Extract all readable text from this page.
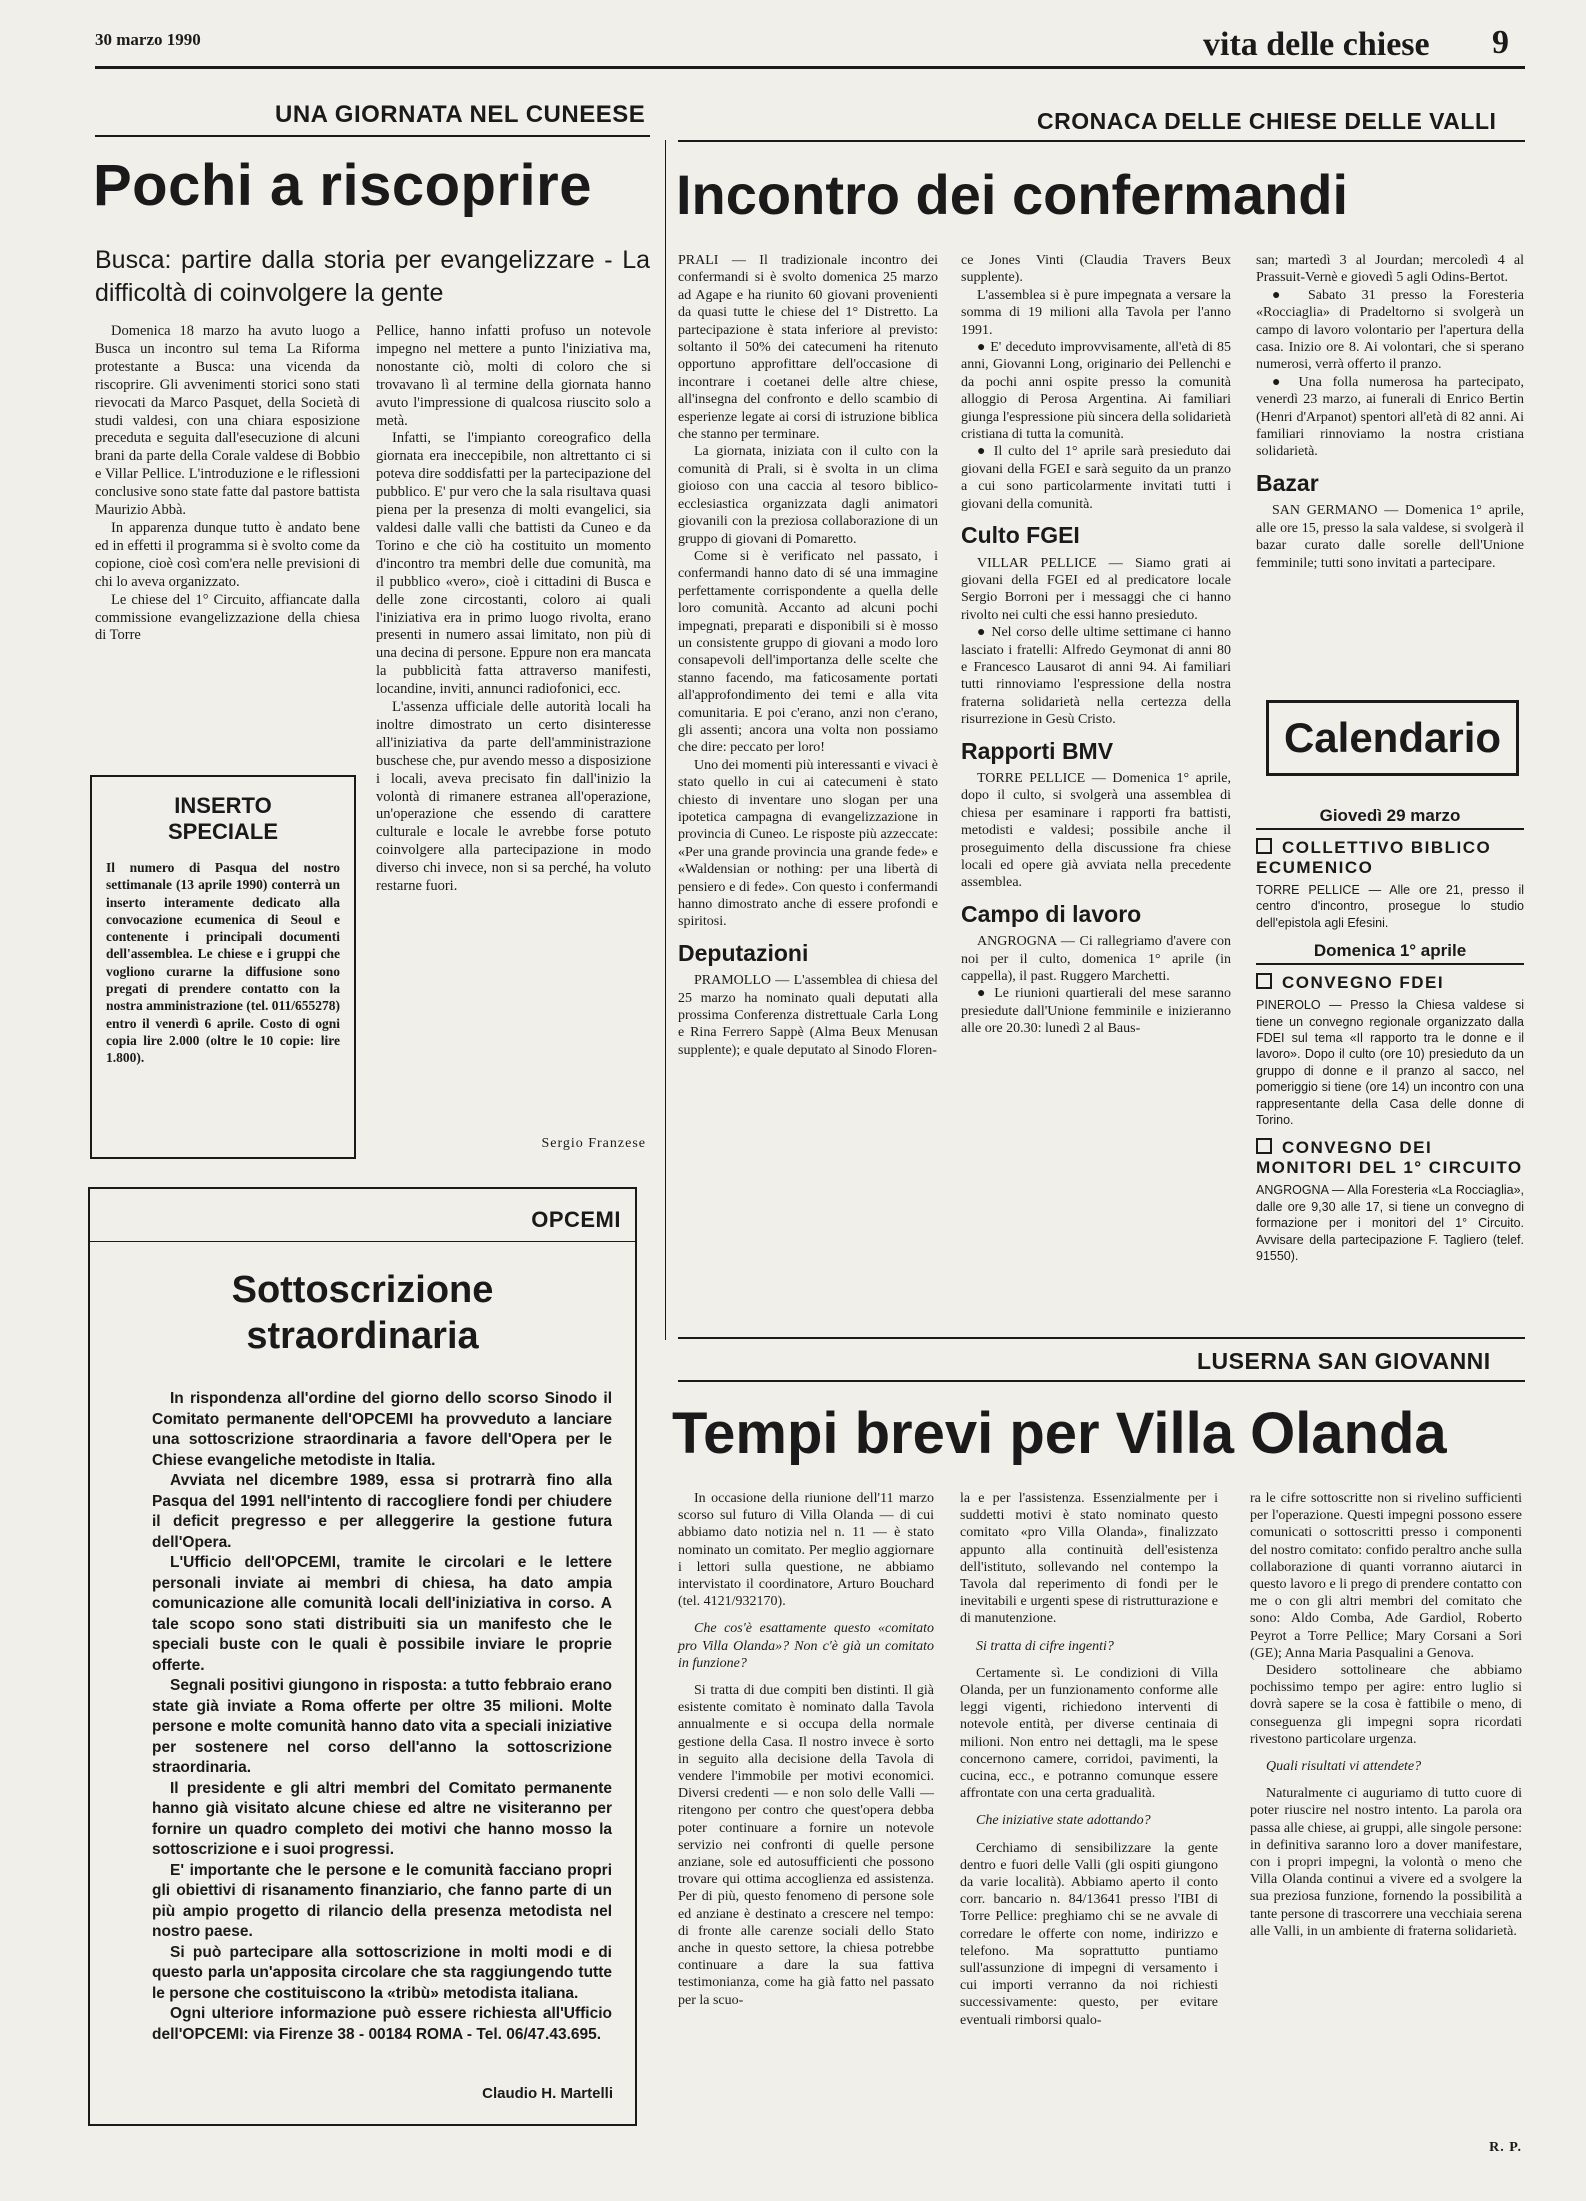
30 marzo 1990	vita delle chiese 9
UNA GIORNATA NEL CUNEESE
Pochi a riscoprire
Busca: partire dalla storia per evangelizzare - La difficoltà di coinvolgere la gente

Domenica 18 marzo ha avuto luogo a Busca un incontro sul tema La Riforma protestante a Busca: una vicenda da riscoprire. Gli avvenimenti storici sono stati rievocati da Marco Pasquet, della Società di studi valdesi, con una chiara esposizione preceduta e seguita dall'esecuzione di alcuni brani da parte della Corale valdese di Bobbio e Villar Pellice. L'introduzione e le riflessioni conclusive sono state fatte dal pastore battista Maurizio Abbà.

In apparenza dunque tutto è andato bene ed in effetti il programma si è svolto come da copione, cioè così com'era nelle previsioni di chi lo aveva organizzato.

Le chiese del 1° Circuito, affiancate dalla commissione evangelizzazione della chiesa di Torre

Pellice, hanno infatti profuso un notevole impegno nel mettere a punto l'iniziativa ma, nonostante ciò, molti di coloro che si trovavano lì al termine della giornata hanno avuto l'impressione di qualcosa riuscito solo a metà.

Infatti, se l'impianto coreografico della giornata era ineccepibile, non altrettanto ci si poteva dire soddisfatti per la partecipazione del pubblico. E' pur vero che la sala risultava quasi piena per la presenza di molti evangelici, sia valdesi dalle valli che battisti da Cuneo e da Torino e che ciò ha costituito un momento d'incontro tra membri delle due comunità, ma il pubblico «vero», cioè i cittadini di Busca e delle zone circostanti, coloro ai quali l'iniziativa era in primo luogo rivolta, erano presenti in numero assai limitato, non più di una decina di persone. Eppure non era mancata la pubblicità fatta attraverso manifesti, locandine, inviti, annunci radiofonici, ecc.

L'assenza ufficiale delle autorità locali ha inoltre dimostrato un certo disinteresse all'iniziativa da parte dell'amministrazione buschese che, pur avendo messo a disposizione i locali, aveva precisato fin dall'inizio la volontà di rimanere estranea all'operazione, un'operazione che essendo di carattere culturale e locale le avrebbe forse potuto coinvolgere alla partecipazione in modo diverso chi invece, non si sa perché, ha voluto restarne fuori.

Sergio Franzese
INSERTO
SPECIALE
Il numero di Pasqua del nostro settimanale (13 aprile 1990) conterrà un inserto interamente dedicato alla convocazione ecumenica di Seoul e contenente i principali documenti dell'assemblea. Le chiese e i gruppi che vogliono curarne la diffusione sono pregati di prendere contatto con la nostra amministrazione (tel. 011/655278) entro il venerdì 6 aprile. Costo di ogni copia lire 2.000 (oltre le 10 copie: lire 1.800).
OPCEMI
Sottoscrizione
straordinaria

In rispondenza all'ordine del giorno dello scorso Sinodo il Comitato permanente dell'OPCEMI ha provveduto a lanciare una sottoscrizione straordinaria a favore dell'Opera per le Chiese evangeliche metodiste in Italia.

Avviata nel dicembre 1989, essa si protrarrà fino alla Pasqua del 1991 nell'intento di raccogliere fondi per chiudere il deficit pregresso e per alleggerire la gestione futura dell'Opera.

L'Ufficio dell'OPCEMI, tramite le circolari e le lettere personali inviate ai membri di chiesa, ha dato ampia comunicazione alle comunità locali dell'iniziativa in corso. A tale scopo sono stati distribuiti sia un manifesto che le speciali buste con le quali è possibile inviare le proprie offerte.

Segnali positivi giungono in risposta: a tutto febbraio erano state già inviate a Roma offerte per oltre 35 milioni. Molte persone e molte comunità hanno dato vita a speciali iniziative per sostenere nel corso dell'anno la sottoscrizione straordinaria.

Il presidente e gli altri membri del Comitato permanente hanno già visitato alcune chiese ed altre ne visiteranno per fornire un quadro completo dei motivi che hanno mosso la sottoscrizione e i suoi progressi.

E' importante che le persone e le comunità facciano propri gli obiettivi di risanamento finanziario, che fanno parte di un più ampio progetto di rilancio della presenza metodista nel nostro paese.

Si può partecipare alla sottoscrizione in molti modi e di questo parla un'apposita circolare che sta raggiungendo tutte le persone che costituiscono la «tribù» metodista italiana.

Ogni ulteriore informazione può essere richiesta all'Ufficio dell'OPCEMI: via Firenze 38 - 00184 ROMA - Tel. 06/47.43.695.

Claudio H. Martelli
CRONACA DELLE CHIESE DELLE VALLI
Incontro dei confermandi

PRALI — Il tradizionale incontro dei confermandi si è svolto domenica 25 marzo ad Agape e ha riunito 60 giovani provenienti da quasi tutte le chiese del 1° Distretto. La partecipazione è stata inferiore al previsto: soltanto il 50% dei catecumeni ha ritenuto opportuno approfittare dell'occasione di incontrare i coetanei delle altre chiese, all'insegna del confronto e dello scambio di esperienze legate ai corsi di istruzione biblica che stanno per terminare.

La giornata, iniziata con il culto con la comunità di Prali, si è svolta in un clima gioioso con una caccia al tesoro biblico-ecclesiastica organizzata dagli animatori giovanili con la preziosa collaborazione di un gruppo di giovani di Pomaretto.

Come si è verificato nel passato, i confermandi hanno dato di sé una immagine perfettamente corrispondente a quella delle loro comunità. Accanto ad alcuni pochi impegnati, preparati e disponibili si è mosso un consistente gruppo di giovani a modo loro consapevoli dell'importanza delle scelte che stanno facendo, ma faticosamente portati all'approfondimento dei temi e alla vita comunitaria. E poi c'erano, anzi non c'erano, gli assenti; ancora una volta non possiamo che dire: peccato per loro!

Uno dei momenti più interessanti e vivaci è stato quello in cui ai catecumeni è stato chiesto di inventare uno slogan per una ipotetica campagna di evangelizzazione in provincia di Cuneo. Le risposte più azzeccate: «Per una grande provincia una grande fede» e «Waldensian or nothing: per una libertà di pensiero e di fede». Con questo i confermandi hanno dimostrato anche di essere profondi e spiritosi.

Deputazioni

PRAMOLLO — L'assemblea di chiesa del 25 marzo ha nominato quali deputati alla prossima Conferenza distrettuale Carla Long e Rina Ferrero Sappè (Alma Beux Menusan supplente); e quale deputato al Sinodo Floren-

ce Jones Vinti (Claudia Travers Beux supplente).

L'assemblea si è pure impegnata a versare la somma di 19 milioni alla Tavola per l'anno 1991.

● E' deceduto improvvisamente, all'età di 85 anni, Giovanni Long, originario dei Pellenchi e da pochi anni ospite presso la comunità alloggio di Perosa Argentina. Ai familiari giunga l'espressione più sincera della solidarietà cristiana di tutta la comunità.

● Il culto del 1° aprile sarà presieduto dai giovani della FGEI e sarà seguito da un pranzo a cui sono particolarmente invitati tutti i giovani della comunità.

Culto FGEI

VILLAR PELLICE — Siamo grati ai giovani della FGEI ed al predicatore locale Sergio Borroni per i messaggi che ci hanno rivolto nei culti che essi hanno presieduto.

● Nel corso delle ultime settimane ci hanno lasciato i fratelli: Alfredo Geymonat di anni 80 e Francesco Lausarot di anni 94. Ai familiari tutti rinnoviamo l'espressione della nostra fraterna solidarietà nella certezza della risurrezione in Gesù Cristo.

Rapporti BMV

TORRE PELLICE — Domenica 1° aprile, dopo il culto, si svolgerà una assemblea di chiesa per esaminare i rapporti fra battisti, metodisti e valdesi; possibile anche il proseguimento della discussione fra chiese locali ed opere già avviata nella precedente assemblea.

Campo di lavoro

ANGROGNA — Ci rallegriamo d'avere con noi per il culto, domenica 1° aprile (in cappella), il past. Ruggero Marchetti.

● Le riunioni quartierali del mese saranno presiedute dall'Unione femminile e inizieranno alle ore 20.30: lunedì 2 al Baus-

san; martedì 3 al Jourdan; mercoledì 4 al Prassuit-Vernè e giovedì 5 agli Odins-Bertot.

● Sabato 31 presso la Foresteria «Rocciaglia» di Pradeltorno si svolgerà un campo di lavoro volontario per l'apertura della casa. Inizio ore 8. Ai volontari, che si sperano numerosi, verrà offerto il pranzo.

● Una folla numerosa ha partecipato, venerdì 23 marzo, ai funerali di Enrico Bertin (Henri d'Arpanot) spentori all'età di 82 anni. Ai familiari rinnoviamo la nostra cristiana solidarietà.

Bazar

SAN GERMANO — Domenica 1° aprile, alle ore 15, presso la sala valdese, si svolgerà il bazar curato dalle sorelle dell'Unione femminile; tutti sono invitati a partecipare.

Calendario
Giovedì 29 marzo
COLLETTIVO BIBLICO ECUMENICO
TORRE PELLICE — Alle ore 21, presso il centro d'incontro, prosegue lo studio dell'epistola agli Efesini.
Domenica 1° aprile
CONVEGNO FDEI
PINEROLO — Presso la Chiesa valdese si tiene un convegno regionale organizzato dalla FDEI sul tema «Il rapporto tra le donne e il lavoro». Dopo il culto (ore 10) presieduto da un gruppo di donne e il pranzo al sacco, nel pomeriggio si tiene (ore 14) un incontro con una rappresentante della Casa delle donne di Torino.
CONVEGNO DEI MONITORI DEL 1° CIRCUITO
ANGROGNA — Alla Foresteria «La Rocciaglia», dalle ore 9,30 alle 17, si tiene un convegno di formazione per i monitori del 1° Circuito. Avvisare della partecipazione F. Tagliero (telef. 91550).
LUSERNA SAN GIOVANNI
Tempi brevi per Villa Olanda

In occasione della riunione dell'11 marzo scorso sul futuro di Villa Olanda — di cui abbiamo dato notizia nel n. 11 — è stato nominato un comitato. Per meglio aggiornare i lettori sulla questione, ne abbiamo intervistato il coordinatore, Arturo Bouchard (tel. 4121/932170).

Che cos'è esattamente questo «comitato pro Villa Olanda»? Non c'è già un comitato in funzione?

Si tratta di due compiti ben distinti. Il già esistente comitato è nominato dalla Tavola annualmente e si occupa della normale gestione della Casa. Il nostro invece è sorto in seguito alla decisione della Tavola di vendere l'immobile per motivi economici. Diversi credenti — e non solo delle Valli — ritengono per contro che quest'opera debba poter continuare a fornire un notevole servizio nei confronti di quelle persone anziane, sole ed autosufficienti che possono trovare qui ottima accoglienza ed assistenza. Per di più, questo fenomeno di persone sole ed anziane è destinato a crescere nel tempo: di fronte alle carenze sociali dello Stato anche in questo settore, la chiesa potrebbe continuare a dare la sua fattiva testimonianza, come ha già fatto nel passato per la scuo-

la e per l'assistenza. Essenzialmente per i suddetti motivi è stato nominato questo comitato «pro Villa Olanda», finalizzato appunto alla continuità dell'esistenza dell'istituto, sollevando nel contempo la Tavola dal reperimento di fondi per le inevitabili e urgenti spese di ristrutturazione e di manutenzione.

Si tratta di cifre ingenti?

Certamente sì. Le condizioni di Villa Olanda, per un funzionamento conforme alle leggi vigenti, richiedono interventi di notevole entità, per diverse centinaia di milioni. Non entro nei dettagli, ma le spese concernono camere, corridoi, pavimenti, la cucina, ecc., e potranno comunque essere affrontate con una certa gradualità.

Che iniziative state adottando?

Cerchiamo di sensibilizzare la gente dentro e fuori delle Valli (gli ospiti giungono da varie località). Abbiamo aperto il conto corr. bancario n. 84/13641 presso l'IBI di Torre Pellice: preghiamo chi se ne avvale di corredare le offerte con nome, indirizzo e telefono. Ma soprattutto puntiamo sull'assunzione di impegni di versamento i cui importi verranno da noi richiesti successivamente: questo, per evitare eventuali rimborsi qualo-

ra le cifre sottoscritte non si rivelino sufficienti per l'operazione. Questi impegni possono essere comunicati o sottoscritti presso i componenti del nostro comitato: confido peraltro anche sulla collaborazione di quanti vorranno aiutarci in questo lavoro e li prego di prendere contatto con me o con gli altri membri del comitato che sono: Aldo Comba, Ade Gardiol, Roberto Peyrot a Torre Pellice; Mary Corsani a Sori (GE); Anna Maria Pasqualini a Genova.

Desidero sottolineare che abbiamo pochissimo tempo per agire: entro luglio si dovrà sapere se la cosa è fattibile o meno, di conseguenza gli impegni sopra ricordati rivestono particolare urgenza.

Quali risultati vi attendete?

Naturalmente ci auguriamo di tutto cuore di poter riuscire nel nostro intento. La parola ora passa alle chiese, ai gruppi, alle singole persone: in definitiva saranno loro a dover manifestare, con i propri impegni, la volontà o meno che Villa Olanda continui a vivere ed a svolgere la sua preziosa funzione, fornendo la possibilità a tante persone di trascorrere una vecchiaia serena alle Valli, in un ambiente di fraterna solidarietà.

R. P.
